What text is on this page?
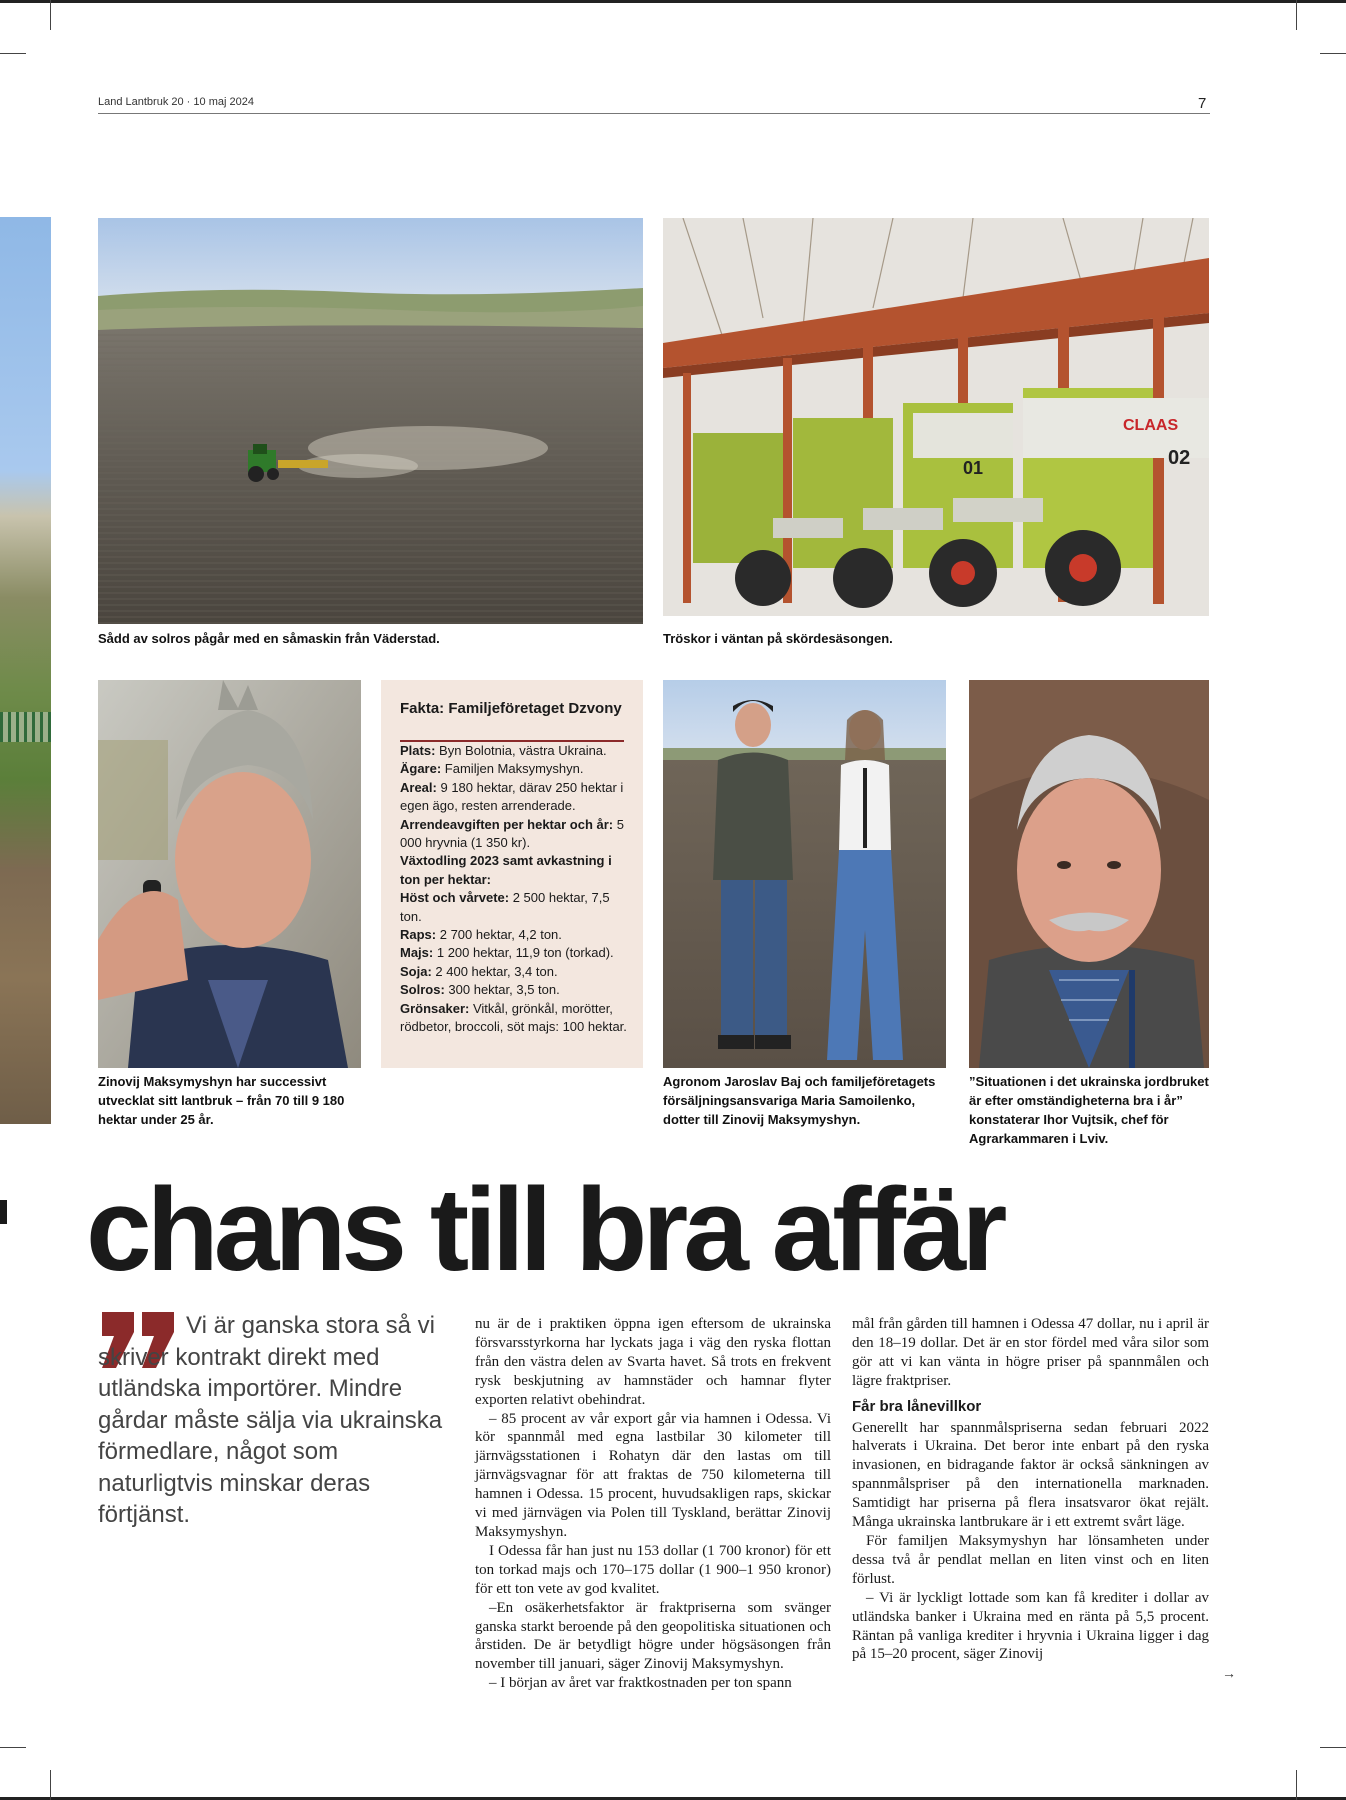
Land Lantbruk 20 · 10 maj 2024	7
Sådd av solros pågår med en såmaskin från Väderstad.
CLAAS
02
01
Tröskor i väntan på skördesäsongen.
Zinovij Maksymyshyn har successivt utvecklat sitt lantbruk – från 70 till 9 180 hektar under 25 år.
Fakta: Familjeföretaget Dzvony

Plats: Byn Bolotnia, västra Ukraina.

Ägare: Familjen Maksymyshyn.

Areal: 9 180 hektar, därav 250 hektar i egen ägo, resten arrenderade.

Arrendeavgiften per hektar och år: 5 000 hryvnia (1 350 kr).

Växtodling 2023 samt avkastning i ton per hektar:

Höst och vårvete: 2 500 hektar, 7,5 ton.

Raps: 2 700 hektar, 4,2 ton.

Majs: 1 200 hektar, 11,9 ton (torkad).

Soja: 2 400 hektar, 3,4 ton.

Solros: 300 hektar, 3,5 ton.

Grönsaker: Vitkål, grönkål, morötter, rödbetor, broccoli, söt majs: 100 hektar.

Agronom Jaroslav Baj och familjeföretagets försäljningsansvariga Maria Samoilenko, dotter till Zinovij Maksymyshyn.
”Situationen i det ukrainska jordbruket är efter omständigheterna bra i år” konstaterar Ihor Vujtsik, chef för Agrarkammaren i Lviv.
chans till bra affär
Vi är ganska stora så vi skriver kontrakt direkt med utländska importörer. Mindre gårdar måste sälja via ukrainska förmedlare, något som naturligtvis minskar deras förtjänst.

nu är de i praktiken öppna igen eftersom de ukrainska försvarsstyrkorna har lyckats jaga i väg den ryska flottan från den västra delen av Svarta havet. Så trots en frekvent rysk beskjutning av hamnstäder och hamnar flyter exporten relativt obehindrat.

– 85 procent av vår export går via hamnen i Odessa. Vi kör spannmål med egna lastbilar 30 kilometer till järnvägsstationen i Rohatyn där den lastas om till järnvägsvagnar för att fraktas de 750 kilometerna till hamnen i Odessa. 15 procent, huvudsakligen raps, skickar vi med järnvägen via Polen till Tyskland, berättar Zinovij Maksymyshyn.

I Odessa får han just nu 153 dollar (1 700 kronor) för ett ton torkad majs och 170–175 dollar (1 900–1 950 kronor) för ett ton vete av god kvalitet.

–En osäkerhetsfaktor är fraktpriserna som svänger ganska starkt beroende på den geopolitiska situationen och årstiden. De är betydligt högre under högsäsongen från november till januari, säger Zinovij Maksymyshyn.

– I början av året var fraktkostnaden per ton spann

mål från gården till hamnen i Odessa 47 dollar, nu i april är den 18–19 dollar. Det är en stor fördel med våra silor som gör att vi kan vänta in högre priser på spannmålen och lägre fraktpriser.

Får bra lånevillkor

Generellt har spannmålspriserna sedan februari 2022 halverats i Ukraina. Det beror inte enbart på den ryska invasionen, en bidragande faktor är också sänkningen av spannmålspriser på den internationella marknaden. Samtidigt har priserna på flera insatsvaror ökat rejält. Många ukrainska lantbrukare är i ett extremt svårt läge.

För familjen Maksymyshyn har lönsamheten under dessa två år pendlat mellan en liten vinst och en liten förlust.

– Vi är lyckligt lottade som kan få krediter i dollar av utländska banker i Ukraina med en ränta på 5,5 procent. Räntan på vanliga krediter i hryvnia i Ukraina ligger i dag på 15–20 procent, säger Zinovij

→
